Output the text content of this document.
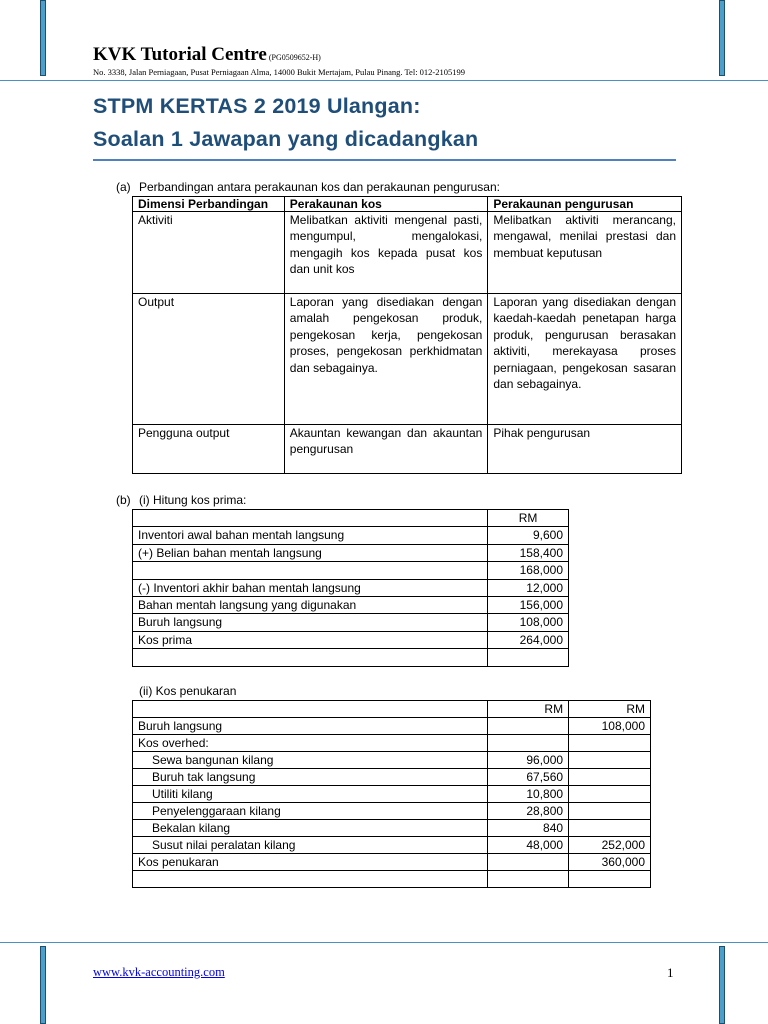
KVK Tutorial Centre (PG0509652-H)
No. 3338, Jalan Perniagaan, Pusat Perniagaan Alma, 14000 Bukit Mertajam, Pulau Pinang. Tel: 012-2105199
STPM KERTAS 2 2019 Ulangan:
Soalan 1 Jawapan yang dicadangkan
(a) Perbandingan antara perakaunan kos dan perakaunan pengurusan:
Dimensi Perbandingan	Perakaunan kos	Perakaunan pengurusan
Aktiviti	Melibatkan aktiviti mengenal pasti, mengumpul, mengalokasi, mengagih kos kepada pusat kos dan unit kos	Melibatkan aktiviti merancang, mengawal, menilai prestasi dan membuat keputusan
Output	Laporan yang disediakan dengan amalah pengekosan produk, pengekosan kerja, pengekosan proses, pengekosan perkhidmatan dan sebagainya.	Laporan yang disediakan dengan kaedah-kaedah penetapan harga produk, pengurusan berasakan aktiviti, merekayasa proses perniagaan, pengekosan sasaran dan sebagainya.
Pengguna output	Akauntan kewangan dan akauntan pengurusan	Pihak pengurusan
(b) (i) Hitung kos prima:
	RM
Inventori awal bahan mentah langsung	9,600
(+) Belian bahan mentah langsung	158,400
	168,000
(-) Inventori akhir bahan mentah langsung	12,000
Bahan mentah langsung yang digunakan	156,000
Buruh langsung	108,000
Kos prima	264,000

(ii) Kos penukaran
	RM	RM
Buruh langsung		108,000
Kos overhed:		
Sewa bangunan kilang	96,000	
Buruh tak langsung	67,560	
Utiliti kilang	10,800	
Penyelenggaraan kilang	28,800	
Bekalan kilang	840	
Susut nilai peralatan kilang	48,000	252,000
Kos penukaran		360,000

www.kvk-accounting.com	1
